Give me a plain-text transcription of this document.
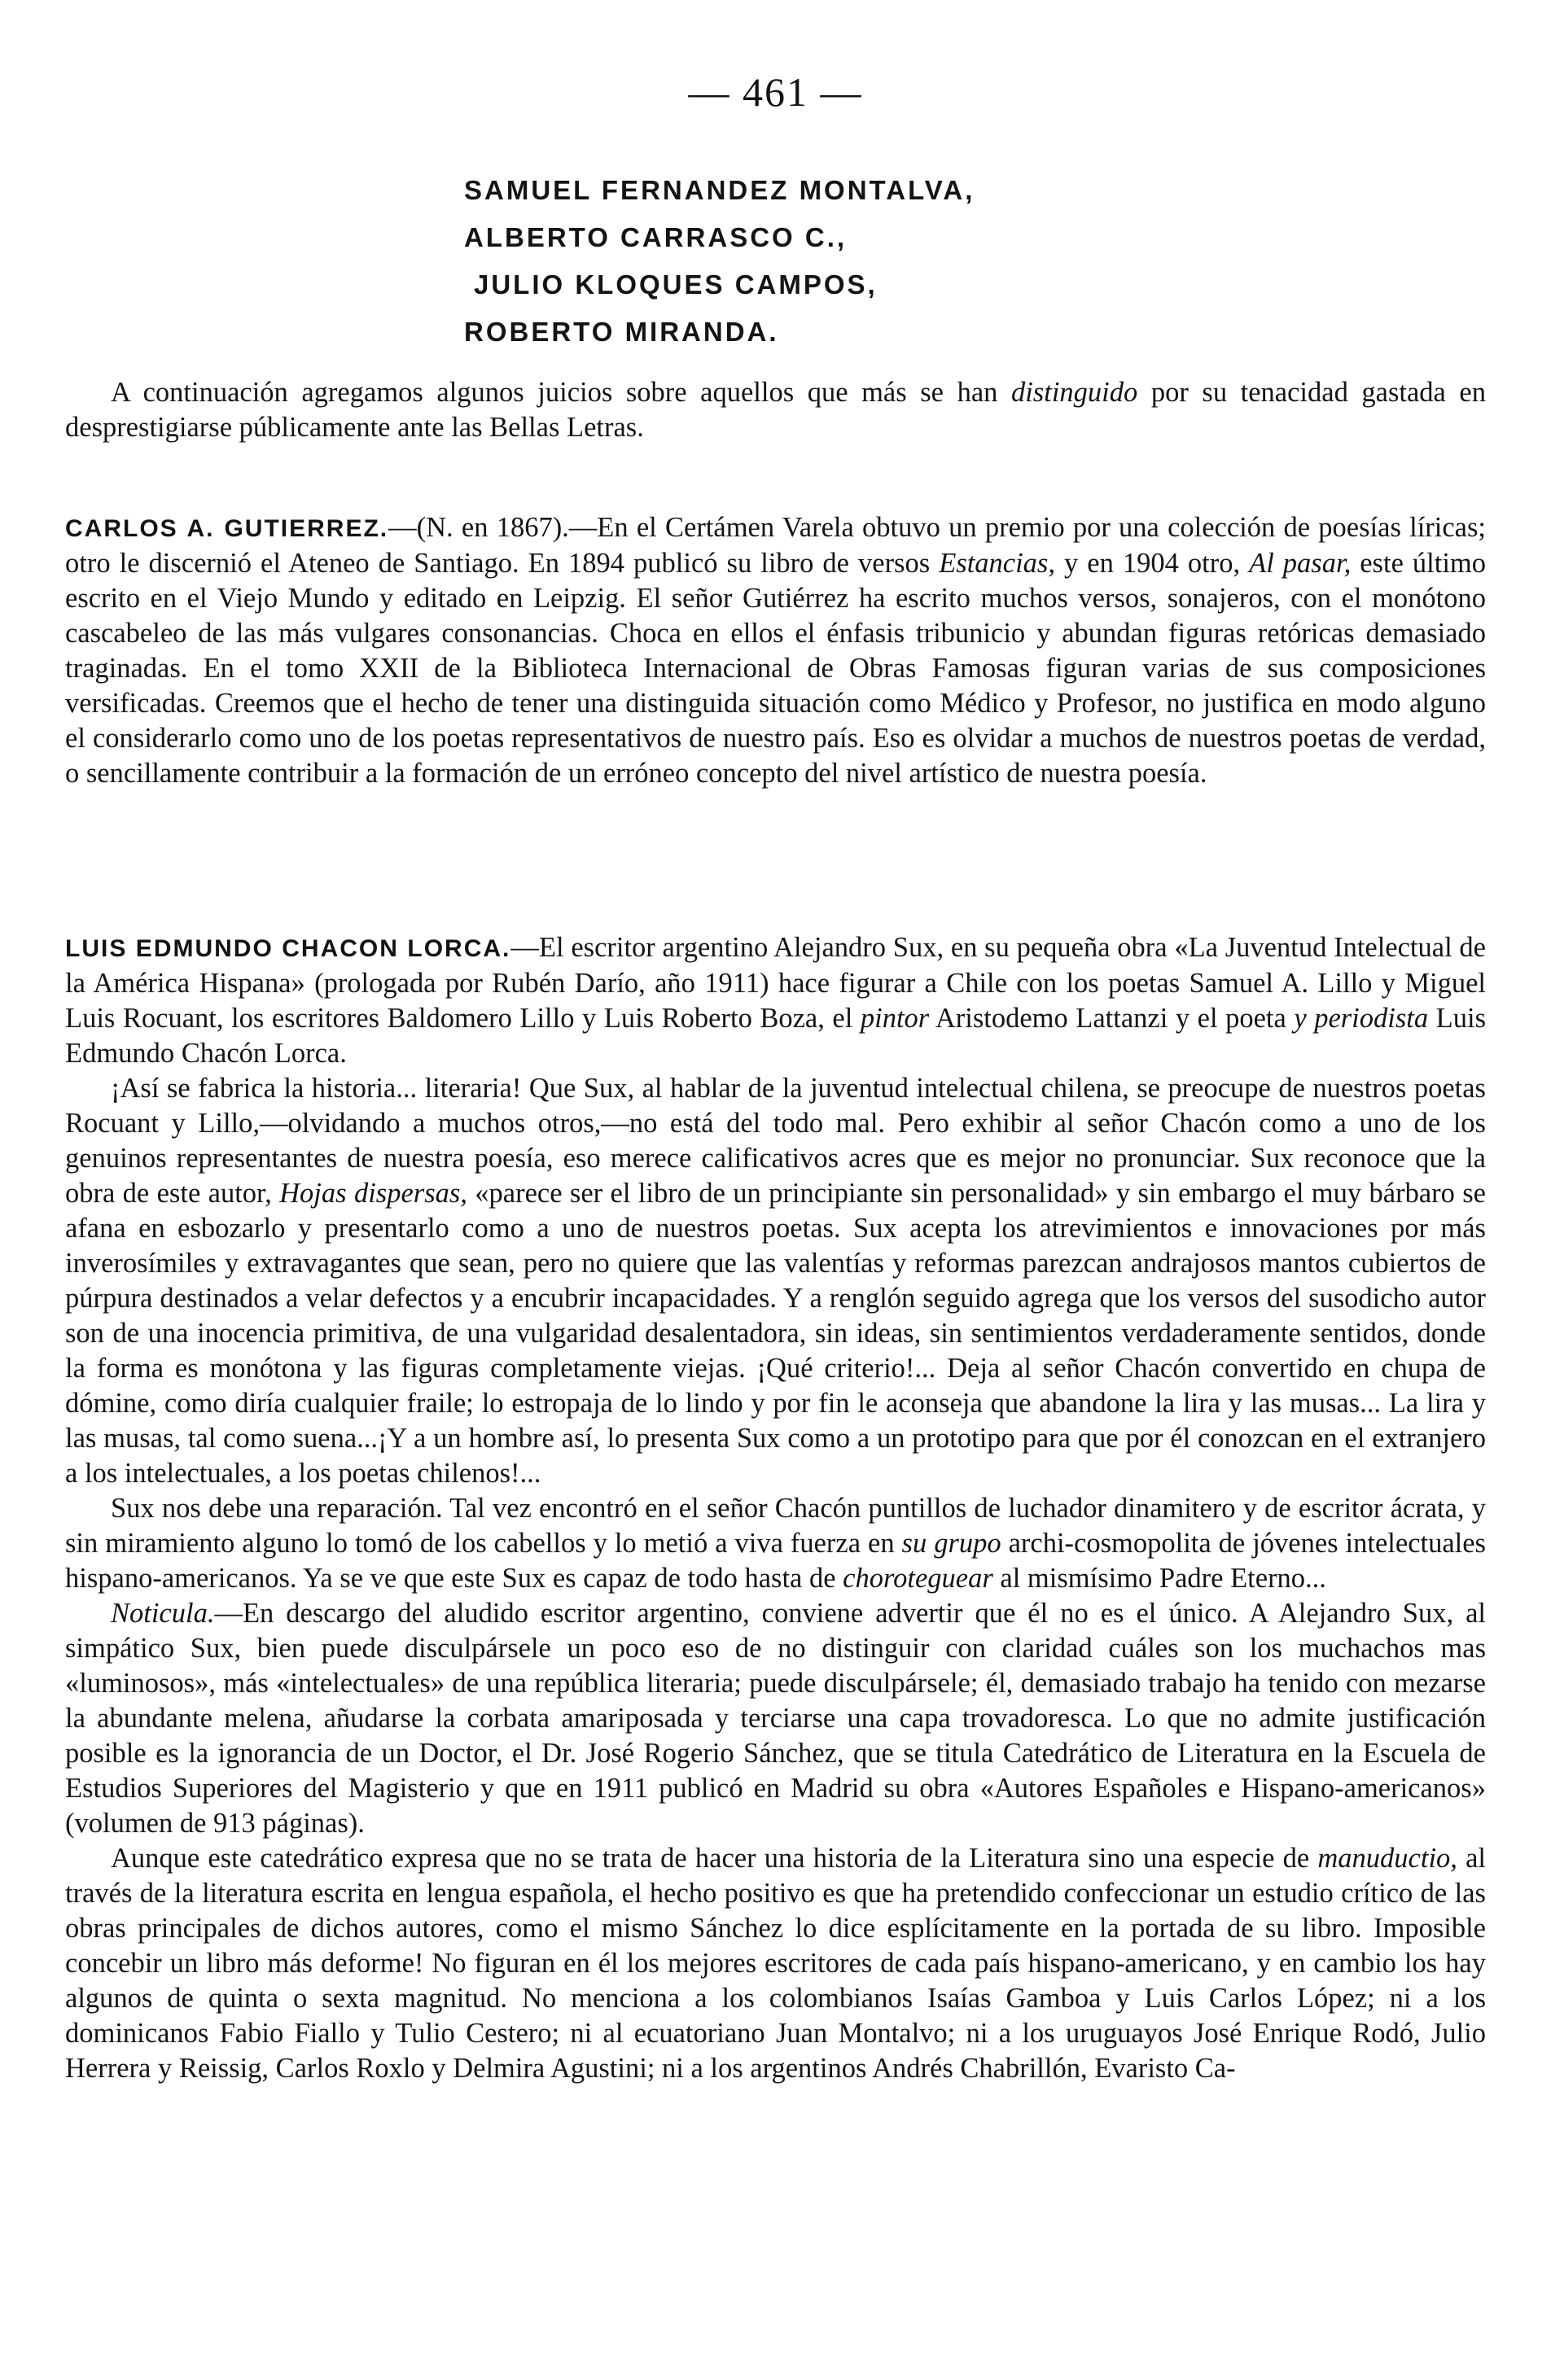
— 461 —
SAMUEL FERNANDEZ MONTALVA,
ALBERTO CARRASCO C.,
JULIO KLOQUES CAMPOS,
ROBERTO MIRANDA.

A continuación agregamos algunos juicios sobre aquellos que más se han distinguido por su tenacidad gastada en desprestigiarse públicamente ante las Bellas Letras.

CARLOS A. GUTIERREZ.—(N. en 1867).—En el Certámen Varela obtuvo un premio por una colección de poesías líricas; otro le discernió el Ateneo de Santiago. En 1894 publicó su libro de versos Estancias, y en 1904 otro, Al pasar, este último escrito en el Viejo Mundo y editado en Leipzig. El señor Gutiérrez ha escrito muchos versos, sonajeros, con el monótono cascabeleo de las más vulgares consonancias. Choca en ellos el énfasis tribunicio y abundan figuras retóricas demasiado traginadas. En el tomo XXII de la Biblioteca Internacional de Obras Famosas figuran varias de sus composiciones versificadas. Creemos que el hecho de tener una distinguida situación como Médico y Profesor, no justifica en modo alguno el considerarlo como uno de los poetas representativos de nuestro país. Eso es olvidar a muchos de nuestros poetas de verdad, o sencillamente contribuir a la formación de un erróneo concepto del nivel artístico de nuestra poesía.

LUIS EDMUNDO CHACON LORCA.—El escritor argentino Alejandro Sux, en su pequeña obra «La Juventud Intelectual de la América Hispana» (prologada por Rubén Darío, año 1911) hace figurar a Chile con los poetas Samuel A. Lillo y Miguel Luis Rocuant, los escritores Baldomero Lillo y Luis Roberto Boza, el pintor Aristodemo Lattanzi y el poeta y periodista Luis Edmundo Chacón Lorca.

¡Así se fabrica la historia... literaria! Que Sux, al hablar de la juventud intelectual chilena, se preocupe de nuestros poetas Rocuant y Lillo,—olvidando a muchos otros,—no está del todo mal. Pero exhibir al señor Chacón como a uno de los genuinos representantes de nuestra poesía, eso merece calificativos acres que es mejor no pronunciar. Sux reconoce que la obra de este autor, Hojas dispersas, «parece ser el libro de un principiante sin personalidad» y sin embargo el muy bárbaro se afana en esbozarlo y presentarlo como a uno de nuestros poetas. Sux acepta los atrevimientos e innovaciones por más inverosímiles y extravagantes que sean, pero no quiere que las valentías y reformas parezcan andrajosos mantos cubiertos de púrpura destinados a velar defectos y a encubrir incapacidades. Y a renglón seguido agrega que los versos del susodicho autor son de una inocencia primitiva, de una vulgaridad desalentadora, sin ideas, sin sentimientos verdaderamente sentidos, donde la forma es monótona y las figuras completamente viejas. ¡Qué criterio!... Deja al señor Chacón convertido en chupa de dómine, como diría cualquier fraile; lo estropaja de lo lindo y por fin le aconseja que abandone la lira y las musas... La lira y las musas, tal como suena...¡Y a un hombre así, lo presenta Sux como a un prototipo para que por él conozcan en el extranjero a los intelectuales, a los poetas chilenos!...

Sux nos debe una reparación. Tal vez encontró en el señor Chacón puntillos de luchador dinamitero y de escritor ácrata, y sin miramiento alguno lo tomó de los cabellos y lo metió a viva fuerza en su grupo archi-cosmopolita de jóvenes intelectuales hispano-americanos. Ya se ve que este Sux es capaz de todo hasta de choroteguear al mismísimo Padre Eterno...

Noticula.—En descargo del aludido escritor argentino, conviene advertir que él no es el único. A Alejandro Sux, al simpático Sux, bien puede disculpársele un poco eso de no distinguir con claridad cuáles son los muchachos mas «luminosos», más «intelectuales» de una república literaria; puede disculpársele; él, demasiado trabajo ha tenido con mezarse la abundante melena, añudarse la corbata amariposada y terciarse una capa trovadoresca. Lo que no admite justificación posible es la ignorancia de un Doctor, el Dr. José Rogerio Sánchez, que se titula Catedrático de Literatura en la Escuela de Estudios Superiores del Magisterio y que en 1911 publicó en Madrid su obra «Autores Españoles e Hispano-americanos» (volumen de 913 páginas).

Aunque este catedrático expresa que no se trata de hacer una historia de la Literatura sino una especie de manuductio, al través de la literatura escrita en lengua española, el hecho positivo es que ha pretendido confeccionar un estudio crítico de las obras principales de dichos autores, como el mismo Sánchez lo dice esplícitamente en la portada de su libro. Imposible concebir un libro más deforme! No figuran en él los mejores escritores de cada país hispano-americano, y en cambio los hay algunos de quinta o sexta magnitud. No menciona a los colombianos Isaías Gamboa y Luis Carlos López; ni a los dominicanos Fabio Fiallo y Tulio Cestero; ni al ecuatoriano Juan Montalvo; ni a los uruguayos José Enrique Rodó, Julio Herrera y Reissig, Carlos Roxlo y Delmira Agustini; ni a los argentinos Andrés Chabrillón, Evaristo Ca-
